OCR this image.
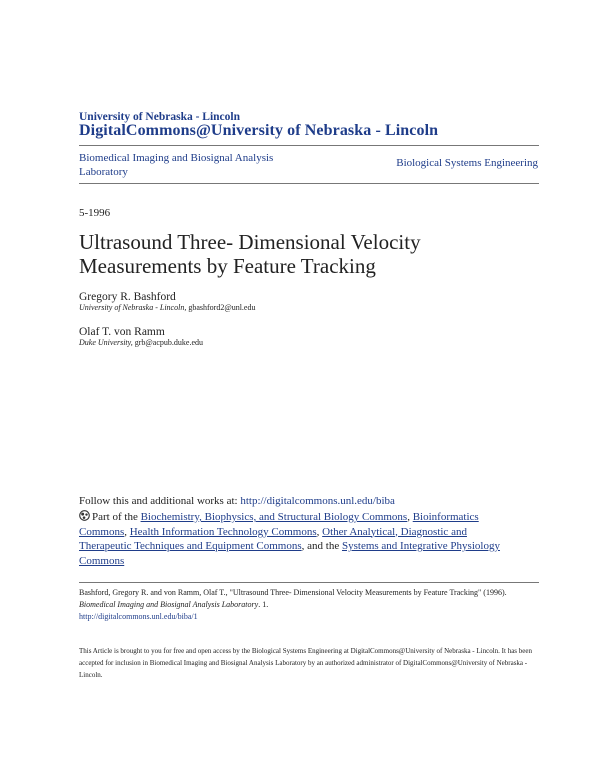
University of Nebraska - Lincoln
DigitalCommons@University of Nebraska - Lincoln
Biomedical Imaging and Biosignal Analysis Laboratory
Biological Systems Engineering
5-1996
Ultrasound Three- Dimensional Velocity Measurements by Feature Tracking
Gregory R. Bashford
University of Nebraska - Lincoln, gbashford2@unl.edu
Olaf T. von Ramm
Duke University, grb@acpub.duke.edu
Follow this and additional works at: http://digitalcommons.unl.edu/biba
Part of the Biochemistry, Biophysics, and Structural Biology Commons, Bioinformatics Commons, Health Information Technology Commons, Other Analytical, Diagnostic and Therapeutic Techniques and Equipment Commons, and the Systems and Integrative Physiology Commons
Bashford, Gregory R. and von Ramm, Olaf T., "Ultrasound Three- Dimensional Velocity Measurements by Feature Tracking" (1996).
Biomedical Imaging and Biosignal Analysis Laboratory. 1.
http://digitalcommons.unl.edu/biba/1
This Article is brought to you for free and open access by the Biological Systems Engineering at DigitalCommons@University of Nebraska - Lincoln. It has been accepted for inclusion in Biomedical Imaging and Biosignal Analysis Laboratory by an authorized administrator of DigitalCommons@University of Nebraska - Lincoln.
